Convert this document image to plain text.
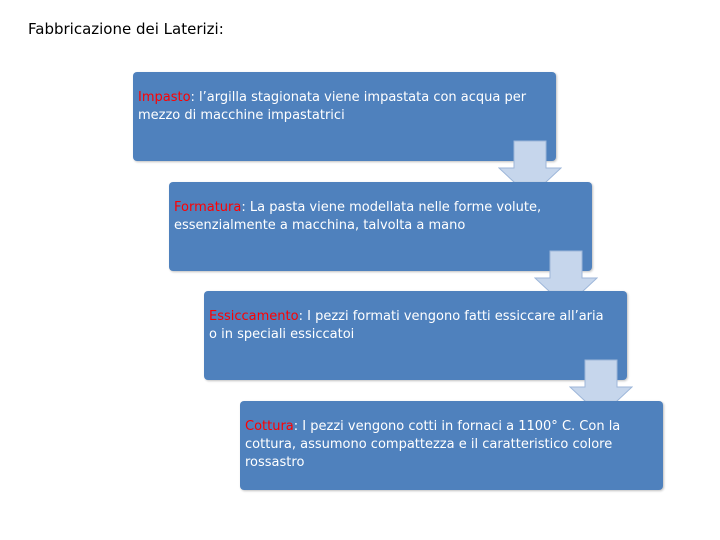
Fabbricazione dei Laterizi:

Impasto: l’argilla stagionata viene impastata con acqua per mezzo di macchine impastatrici

Formatura: La pasta viene modellata nelle forme volute, essenzialmente a macchina, talvolta a mano

Essiccamento: I pezzi formati vengono fatti essiccare all’aria o in speciali essiccatoi

Cottura: I pezzi vengono cotti in fornaci a 1100° C. Con la cottura, assumono compattezza e il caratteristico colore rossastro
